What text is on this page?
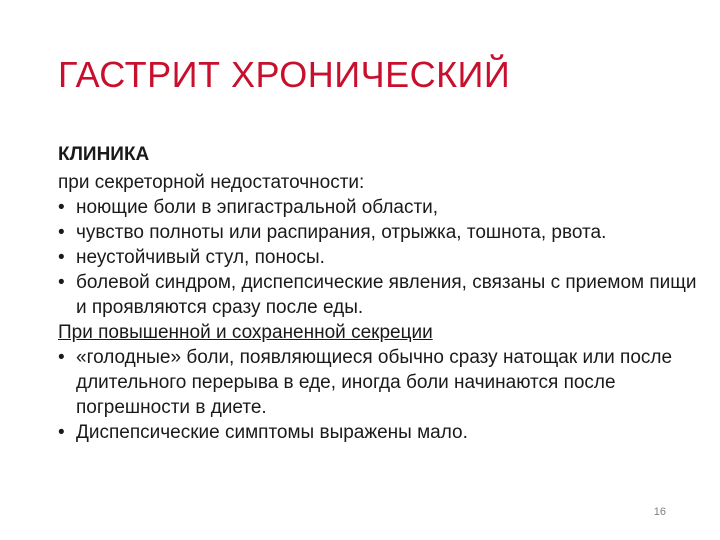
ГАСТРИТ ХРОНИЧЕСКИЙ
КЛИНИКА
при секреторной недостаточности:
• ноющие боли в эпигастральной области,
• чувство полноты или распирания, отрыжка, тошнота, рвота.
• неустойчивый стул, поносы.
• болевой синдром, диспепсические явления, связаны с приемом пищи и проявляются сразу после еды.
При повышенной и сохраненной секреции
• «голодные» боли, появляющиеся обычно сразу натощак или после длительного перерыва в еде, иногда боли начинаются после погрешности в диете.
• Диспепсические симптомы выражены мало.
16
